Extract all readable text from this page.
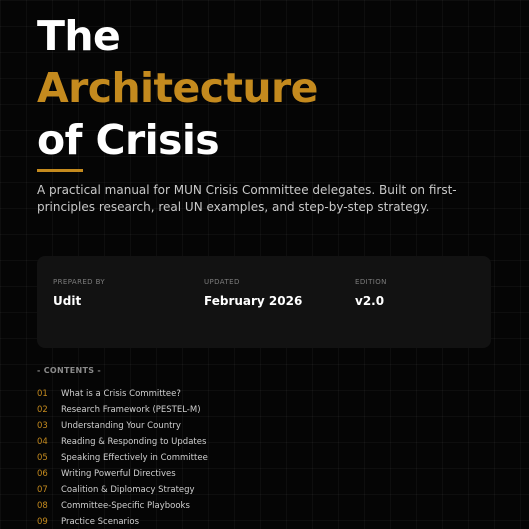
The
Architecture
of Crisis

A practical manual for MUN Crisis Committee delegates. Built on first-principles research, real UN examples, and step-by-step strategy.

PREPARED BY
Udit
UPDATED
February 2026
EDITION
v2.0
- CONTENTS -
01	What is a Crisis Committee?
02	Research Framework (PESTEL-M)
03	Understanding Your Country
04	Reading & Responding to Updates
05	Speaking Effectively in Committee
06	Writing Powerful Directives
07	Coalition & Diplomacy Strategy
08	Committee-Specific Playbooks
09	Practice Scenarios
